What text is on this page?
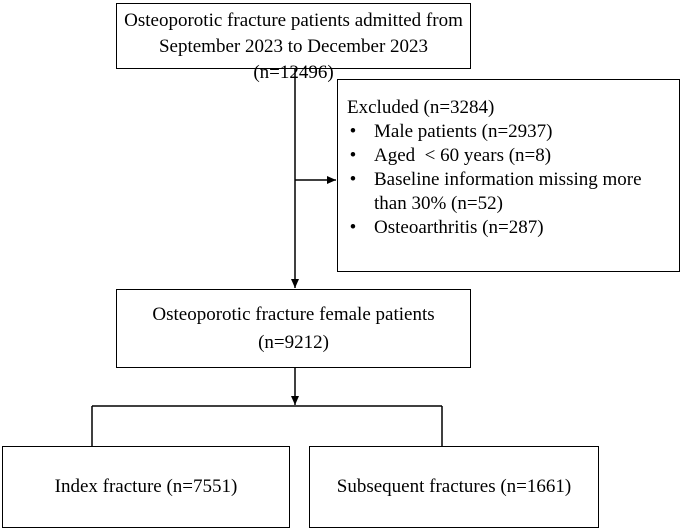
Osteoporotic fracture patients admitted from
September 2023 to December 2023 (n=12496)
Excluded (n=3284)
• Male patients (n=2937)
• Aged  < 60 years (n=8)
• Baseline information missing more than 30% (n=52)
• Osteoarthritis (n=287)
Osteoporotic fracture female patients
(n=9212)
Index fracture (n=7551)	Subsequent fractures (n=1661)
